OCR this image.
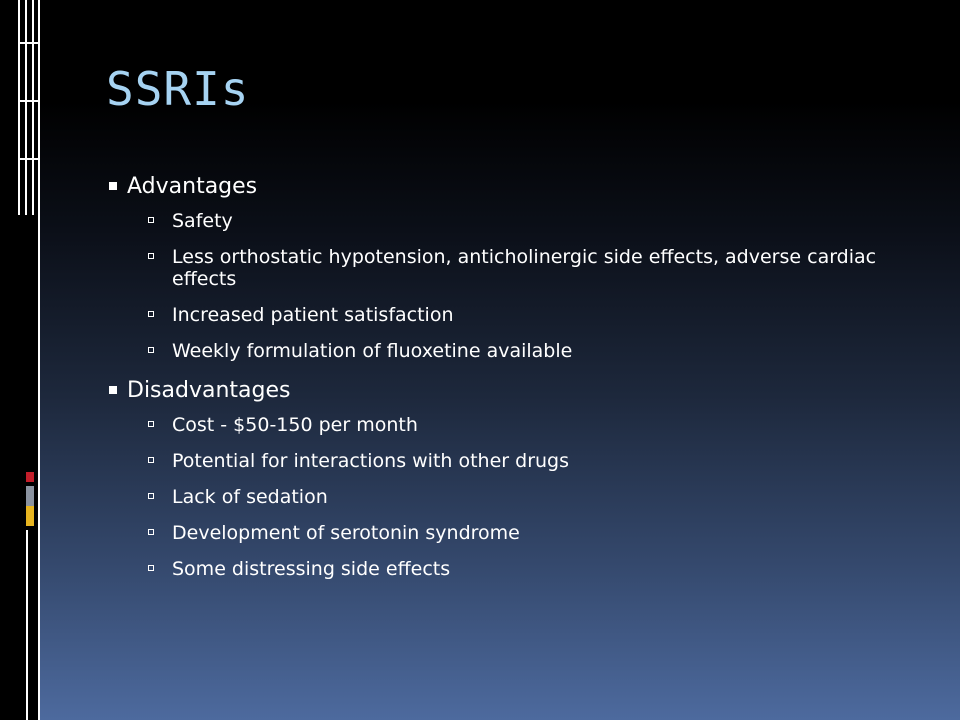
SSRIs
Advantages
Safety
Less orthostatic hypotension, anticholinergic side effects, adverse cardiac effects
Increased patient satisfaction
Weekly formulation of fluoxetine available
Disadvantages
Cost - $50-150 per month
Potential for interactions with other drugs
Lack of sedation
Development of serotonin syndrome
Some distressing side effects
